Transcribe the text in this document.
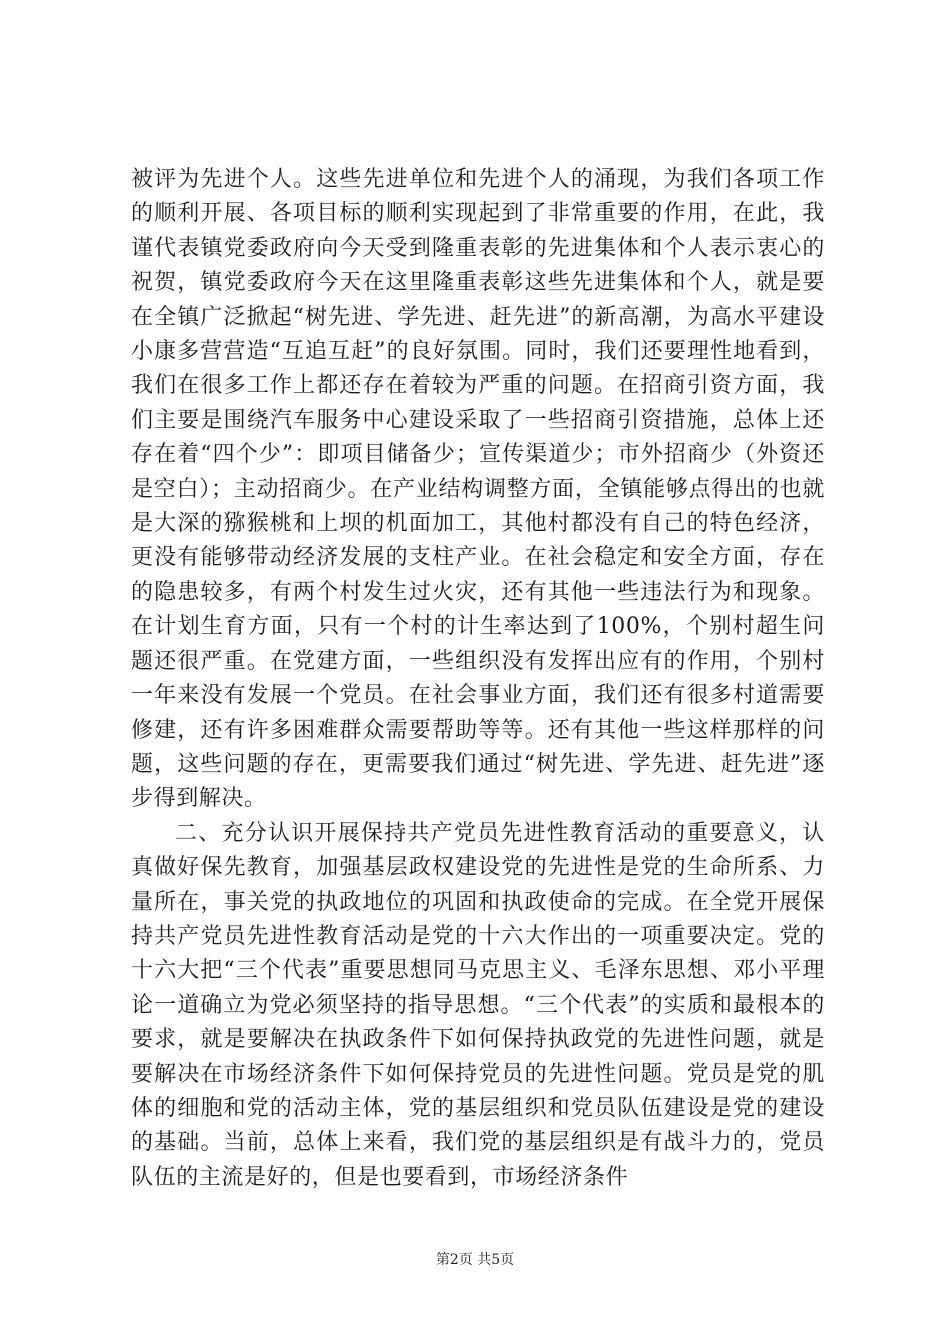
被评为先进个人。这些先进单位和先进个人的涌现，为我们各项工作的顺利开展、各项目标的顺利实现起到了非常重要的作用，在此，我谨代表镇党委政府向今天受到隆重表彰的先进集体和个人表示衷心的祝贺，镇党委政府今天在这里隆重表彰这些先进集体和个人，就是要在全镇广泛掀起“树先进、学先进、赶先进”的新高潮，为高水平建设小康多营营造“互追互赶”的良好氛围。同时，我们还要理性地看到，我们在很多工作上都还存在着较为严重的问题。在招商引资方面，我们主要是围绕汽车服务中心建设采取了一些招商引资措施，总体上还存在着“四个少”：即项目储备少；宣传渠道少；市外招商少（外资还是空白）；主动招商少。在产业结构调整方面，全镇能够点得出的也就是大深的猕猴桃和上坝的机面加工，其他村都没有自己的特色经济，更没有能够带动经济发展的支柱产业。在社会稳定和安全方面，存在的隐患较多，有两个村发生过火灾，还有其他一些违法行为和现象。在计划生育方面，只有一个村的计生率达到了100%，个别村超生问题还很严重。在党建方面，一些组织没有发挥出应有的作用，个别村一年来没有发展一个党员。在社会事业方面，我们还有很多村道需要修建，还有许多困难群众需要帮助等等。还有其他一些这样那样的问题，这些问题的存在，更需要我们通过“树先进、学先进、赶先进”逐步得到解决。

二、充分认识开展保持共产党员先进性教育活动的重要意义，认真做好保先教育，加强基层政权建设党的先进性是党的生命所系、力量所在，事关党的执政地位的巩固和执政使命的完成。在全党开展保持共产党员先进性教育活动是党的十六大作出的一项重要决定。党的十六大把“三个代表”重要思想同马克思主义、毛泽东思想、邓小平理论一道确立为党必须坚持的指导思想。“三个代表”的实质和最根本的要求，就是要解决在执政条件下如何保持执政党的先进性问题，就是要解决在市场经济条件下如何保持党员的先进性问题。党员是党的肌体的细胞和党的活动主体，党的基层组织和党员队伍建设是党的建设的基础。当前，总体上来看，我们党的基层组织是有战斗力的，党员队伍的主流是好的，但是也要看到，市场经济条件

第2页 共5页
